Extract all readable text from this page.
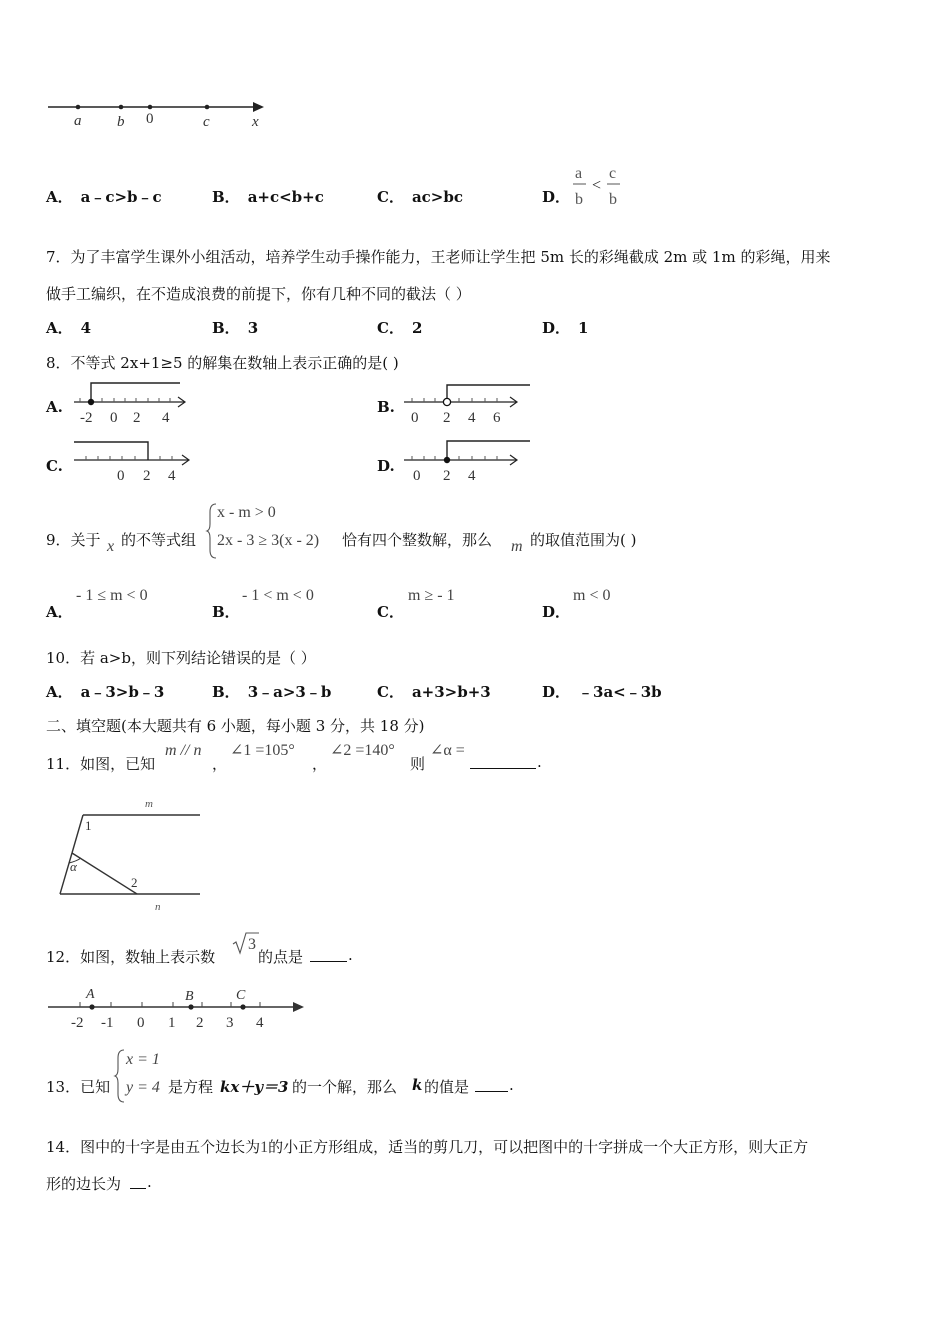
a b 0	c	x
A． a﹣c>b﹣c	B． a+c<b+c	C． ac>bc	D．
a
b
<
c
b
7．为了丰富学生课外小组活动，培养学生动手操作能力，王老师让学生把 5m 长的彩绳截成 2m 或 1m 的彩绳，用来
做手工编织，在不造成浪费的前提下，你有几种不同的截法（ ）
A． 4	B． 3	C． 2	D． 1
8．不等式 2x+1≥5 的解集在数轴上表示正确的是( )
A.
-2 0 2 4
B.
0 2 4 6
C.
0 2 4
D.
0 2 4
9．关于 x 的不等式组
x - m > 0
2x - 3 ≥ 3(x - 2) 恰有四个整数解，那么 m 的取值范围为( )
A．
- 1 ≤ m < 0
B．
- 1 < m < 0
C．
m ≥ - 1
D．
m < 0
10．若 a>b，则下列结论错误的是（ ）
A． a﹣3>b﹣3	B． 3﹣a>3﹣b	C． a+3>b+3	D． ﹣3a<﹣3b
二、填空题(本大题共有 6 小题，每小题 3 分，共 18 分)
11．如图，已知
m // n
，
∠1 =105°
，
∠2 =140°
则
∠α =
.
m
1
α
2
n
12．如图，数轴上表示数
3
的点是	.
A	B	C
-2 -1 0 1 2 3 4
13．已知
x = 1
y = 4 是方程 kx＋y＝3 的一个解，那么 k 的值是	.
14．图中的十字是由五个边长为1的小正方形组成，适当的剪几刀，可以把图中的十字拼成一个大正方形，则大正方
形的边长为 .
